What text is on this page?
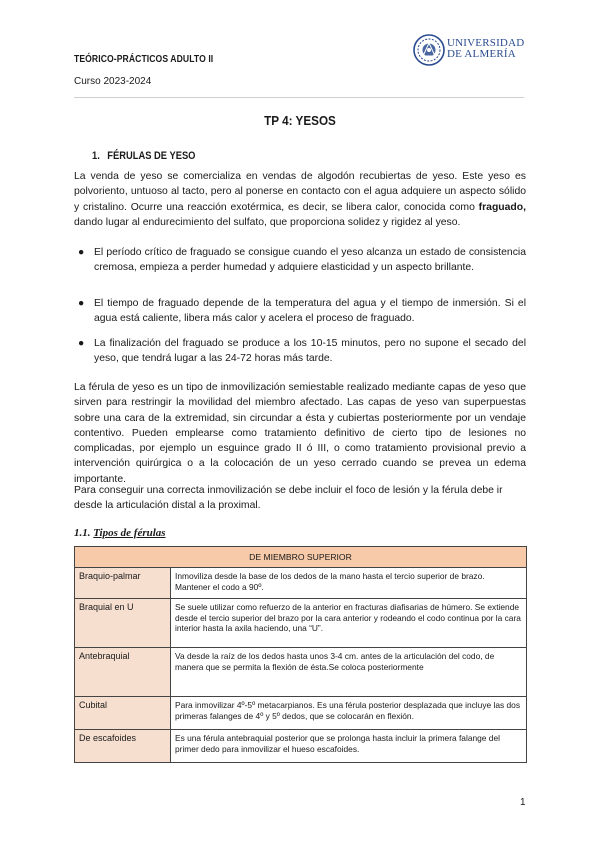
TEÓRICO-PRÁCTICOS ADULTO II
Curso 2023-2024
UNIVERSIDAD
DE ALMERÍA
TP 4: YESOS
1. FÉRULAS DE YESO
La venda de yeso se comercializa en vendas de algodón recubiertas de yeso. Este yeso es polvoriento, untuoso al tacto, pero al ponerse en contacto con el agua adquiere un aspecto sólido y cristalino. Ocurre una reacción exotérmica, es decir, se libera calor, conocida como fraguado, dando lugar al endurecimiento del sulfato, que proporciona solidez y rigidez al yeso.
● El período crítico de fraguado se consigue cuando el yeso alcanza un estado de consistencia cremosa, empieza a perder humedad y adquiere elasticidad y un aspecto brillante.
● El tiempo de fraguado depende de la temperatura del agua y el tiempo de inmersión. Si el agua está caliente, libera más calor y acelera el proceso de fraguado.
● La finalización del fraguado se produce a los 10-15 minutos, pero no supone el secado del yeso, que tendrá lugar a las 24-72 horas más tarde.
La férula de yeso es un tipo de inmovilización semiestable realizado mediante capas de yeso que sirven para restringir la movilidad del miembro afectado. Las capas de yeso van superpuestas sobre una cara de la extremidad, sin circundar a ésta y cubiertas posteriormente por un vendaje contentivo. Pueden emplearse como tratamiento definitivo de cierto tipo de lesiones no complicadas, por ejemplo un esguince grado II ó III, o como tratamiento provisional previo a intervención quirúrgica o a la colocación de un yeso cerrado cuando se prevea un edema importante.
Para conseguir una correcta inmovilización se debe incluir el foco de lesión y la férula debe ir desde la articulación distal a la proximal.
1.1. Tipos de férulas
DE MIEMBRO SUPERIOR	
Braquio-palmar	Inmoviliza desde la base de los dedos de la mano hasta el tercio superior de brazo. Mantener el codo a 90º.
Braquial en U	Se suele utilizar como refuerzo de la anterior en fracturas diafisarias de húmero. Se extiende desde el tercio superior del brazo por la cara anterior y rodeando el codo continua por la cara interior hasta la axila haciendo, una “U”.
Antebraquial	Va desde la raíz de los dedos hasta unos 3-4 cm. antes de la articulación del codo, de manera que se permita la flexión de ésta.Se coloca posteriormente
Cubital	Para inmovilizar 4º-5º metacarpianos. Es una férula posterior desplazada que incluye las dos primeras falanges de 4º y 5º dedos, que se colocarán en flexión.
De escafoides	Es una férula antebraquial posterior que se prolonga hasta incluir la primera falange del primer dedo para inmovilizar el hueso escafoides.
1
